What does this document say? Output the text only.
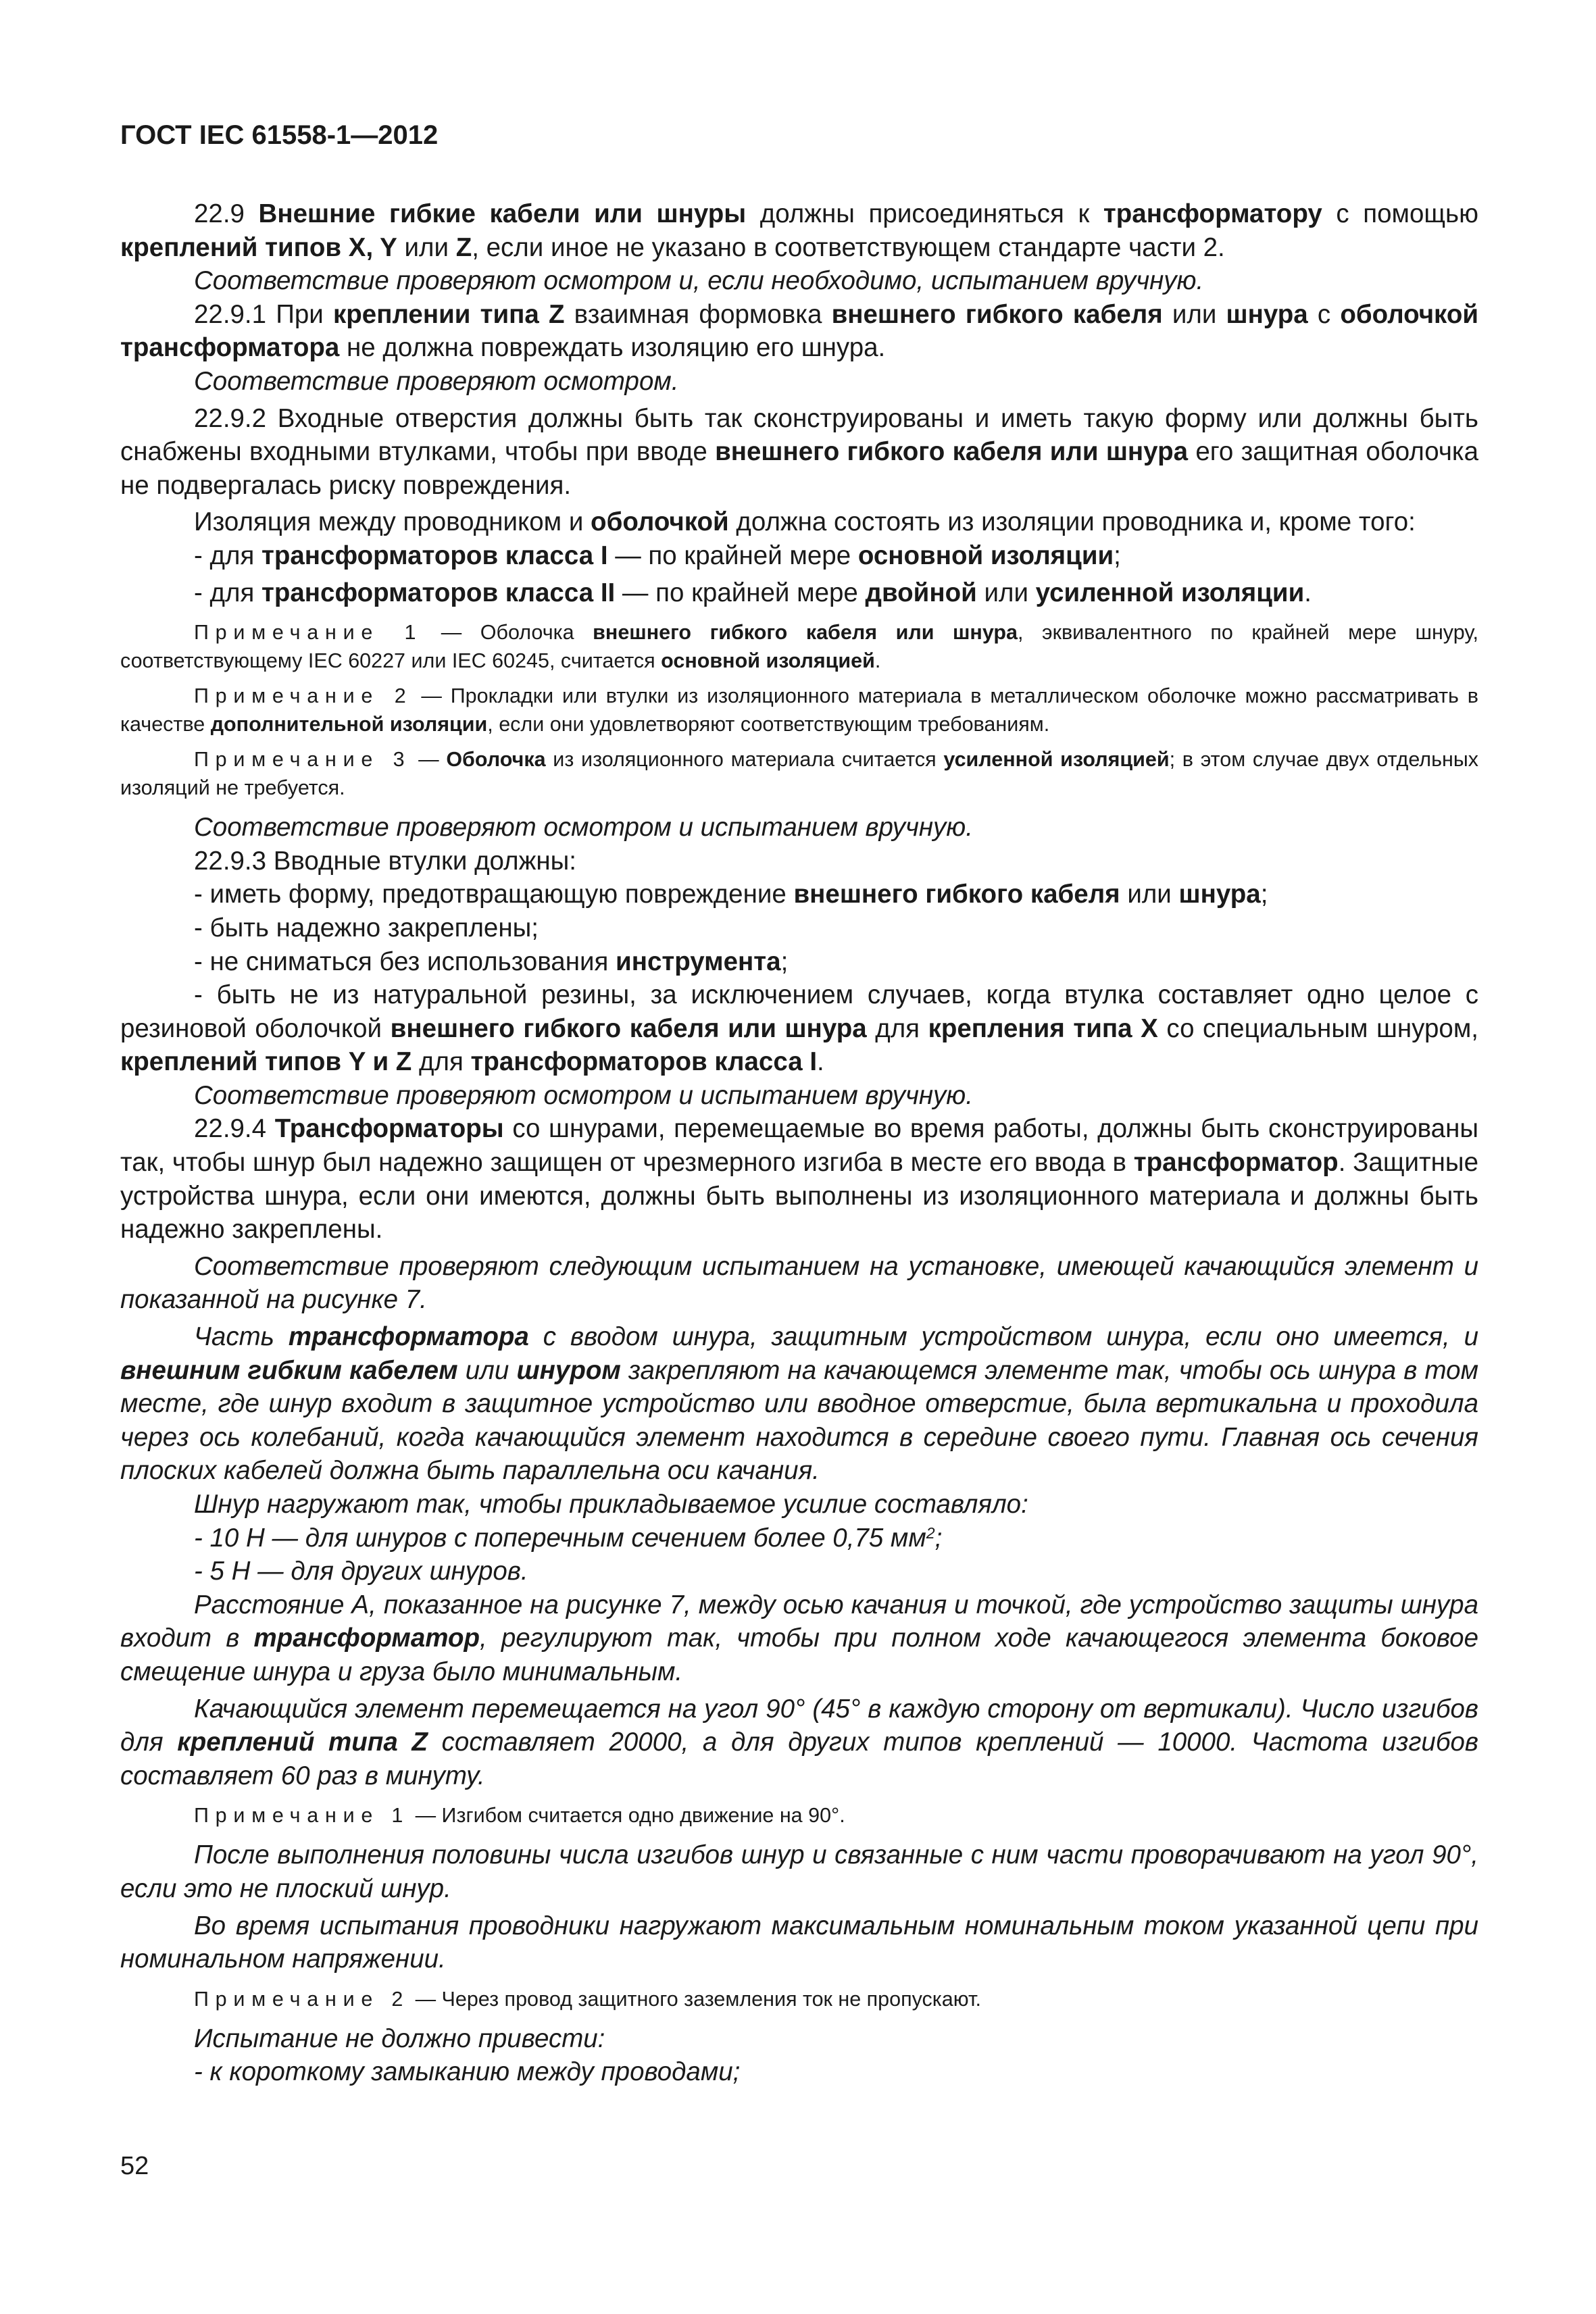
ГОСТ IEC 61558-1—2012

22.9 Внешние гибкие кабели или шнуры должны присоединяться к трансформатору с помощью креплений типов X, Y или Z, если иное не указано в соответствующем стандарте части 2.

Соответствие проверяют осмотром и, если необходимо, испытанием вручную.

22.9.1 При креплении типа Z взаимная формовка внешнего гибкого кабеля или шнура с оболочкой трансформатора не должна повреждать изоляцию его шнура.

Соответствие проверяют осмотром.

22.9.2 Входные отверстия должны быть так сконструированы и иметь такую форму или должны быть снабжены входными втулками, чтобы при вводе внешнего гибкого кабеля или шнура его защитная оболочка не подвергалась риску повреждения.

Изоляция между проводником и оболочкой должна состоять из изоляции проводника и, кроме того:

- для трансформаторов класса I — по крайней мере основной изоляции;

- для трансформаторов класса II — по крайней мере двойной или усиленной изоляции.

Примечание 1 — Оболочка внешнего гибкого кабеля или шнура, эквивалентного по крайней мере шнуру, соответствующему IEC 60227 или IEC 60245, считается основной изоляцией.

Примечание 2 — Прокладки или втулки из изоляционного материала в металлическом оболочке можно рассматривать в качестве дополнительной изоляции, если они удовлетворяют соответствующим требованиям.

Примечание 3 — Оболочка из изоляционного материала считается усиленной изоляцией; в этом случае двух отдельных изоляций не требуется.

Соответствие проверяют осмотром и испытанием вручную.

22.9.3 Вводные втулки должны:

- иметь форму, предотвращающую повреждение внешнего гибкого кабеля или шнура;

- быть надежно закреплены;

- не сниматься без использования инструмента;

- быть не из натуральной резины, за исключением случаев, когда втулка составляет одно целое с резиновой оболочкой внешнего гибкого кабеля или шнура для крепления типа X со специальным шнуром, креплений типов Y и Z для трансформаторов класса I.

Соответствие проверяют осмотром и испытанием вручную.

22.9.4 Трансформаторы со шнурами, перемещаемые во время работы, должны быть сконструированы так, чтобы шнур был надежно защищен от чрезмерного изгиба в месте его ввода в трансформатор. Защитные устройства шнура, если они имеются, должны быть выполнены из изоляционного материала и должны быть надежно закреплены.

Соответствие проверяют следующим испытанием на установке, имеющей качающийся элемент и показанной на рисунке 7.

Часть трансформатора с вводом шнура, защитным устройством шнура, если оно имеется, и внешним гибким кабелем или шнуром закрепляют на качающемся элементе так, чтобы ось шнура в том месте, где шнур входит в защитное устройство или вводное отверстие, была вертикальна и проходила через ось колебаний, когда качающийся элемент находится в середине своего пути. Главная ось сечения плоских кабелей должна быть параллельна оси качания.

Шнур нагружают так, чтобы прикладываемое усилие составляло:

- 10 Н — для шнуров с поперечным сечением более 0,75 $мм^2$;

- 5 Н — для других шнуров.

Расстояние A, показанное на рисунке 7, между осью качания и точкой, где устройство защиты шнура входит в трансформатор, регулируют так, чтобы при полном ходе качающегося элемента боковое смещение шнура и груза было минимальным.

Качающийся элемент перемещается на угол 90° (45° в каждую сторону от вертикали). Число изгибов для креплений типа Z составляет 20000, а для других типов креплений — 10000. Частота изгибов составляет 60 раз в минуту.

Примечание 1 — Изгибом считается одно движение на 90°.

После выполнения половины числа изгибов шнур и связанные с ним части проворачивают на угол 90°, если это не плоский шнур.

Во время испытания проводники нагружают максимальным номинальным током указанной цепи при номинальном напряжении.

Примечание 2 — Через провод защитного заземления ток не пропускают.

Испытание не должно привести:

- к короткому замыканию между проводами;

52
